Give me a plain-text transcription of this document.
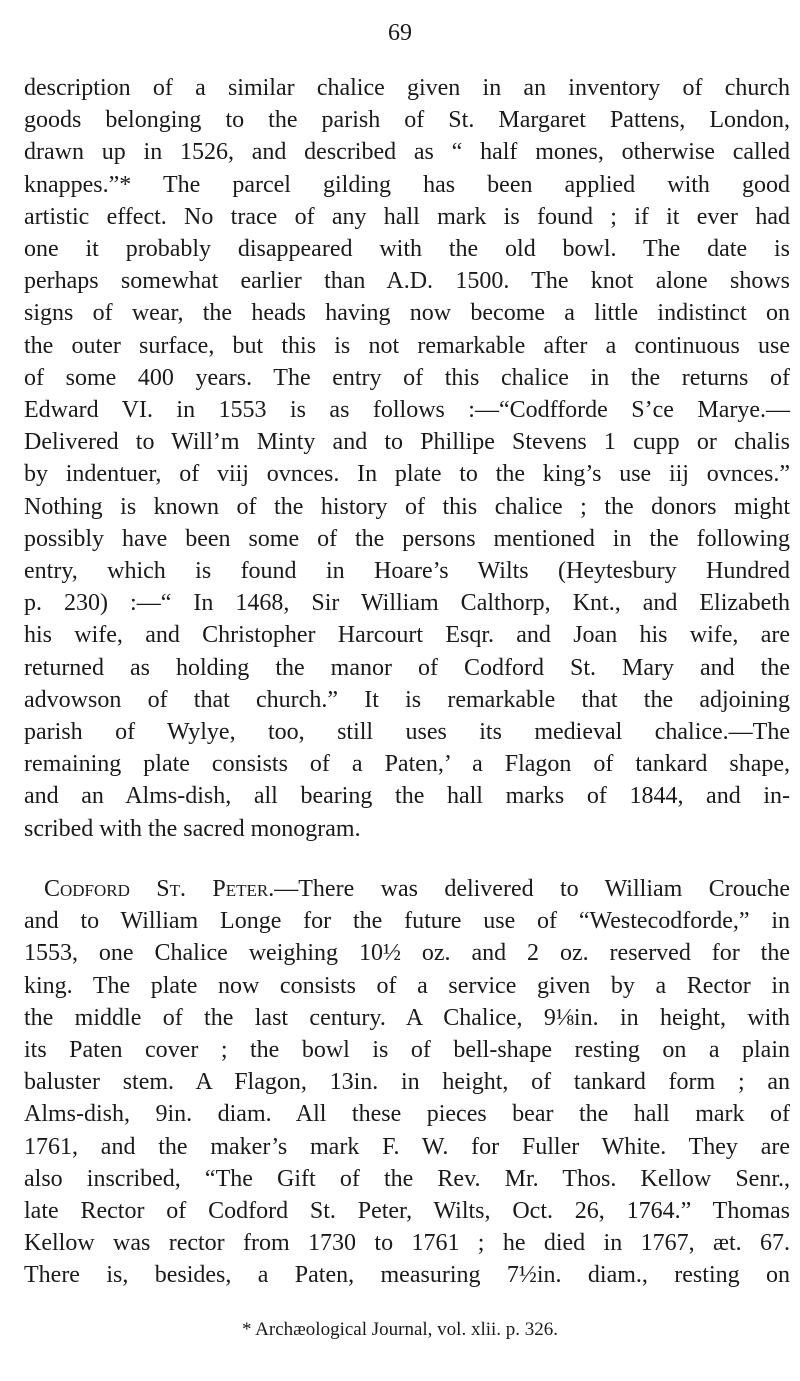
69
description of a similar chalice given in an inventory of church
goods belonging to the parish of St. Margaret Pattens, London,
drawn up in 1526, and described as “ half mones, otherwise called
knappes.”* The parcel gilding has been applied with good
artistic effect. No trace of any hall mark is found ; if it ever had
one it probably disappeared with the old bowl. The date is
perhaps somewhat earlier than A.D. 1500. The knot alone shows
signs of wear, the heads having now become a little indistinct on
the outer surface, but this is not remarkable after a continuous use
of some 400 years. The entry of this chalice in the returns of
Edward VI. in 1553 is as follows :—“Codfforde S’ce Marye.—
Delivered to Will’m Minty and to Phillipe Stevens 1 cupp or chalis
by indentuer, of viij ovnces. In plate to the king’s use iij ovnces.”
Nothing is known of the history of this chalice ; the donors might
possibly have been some of the persons mentioned in the following
entry, which is found in Hoare’s Wilts (Heytesbury Hundred
p. 230) :—“ In 1468, Sir William Calthorp, Knt., and Elizabeth
his wife, and Christopher Harcourt Esqr. and Joan his wife, are
returned as holding the manor of Codford St. Mary and the
advowson of that church.” It is remarkable that the adjoining
parish of Wylye, too, still uses its medieval chalice.—The
remaining plate consists of a Paten,’ a Flagon of tankard shape,
and an Alms-dish, all bearing the hall marks of 1844, and in-
scribed with the sacred monogram.
Codford St. Peter.—There was delivered to William Crouche
and to William Longe for the future use of “Westecodforde,” in
1553, one Chalice weighing 10½ oz. and 2 oz. reserved for the
king. The plate now consists of a service given by a Rector in
the middle of the last century. A Chalice, 9⅛in. in height, with
its Paten cover ; the bowl is of bell-shape resting on a plain
baluster stem. A Flagon, 13in. in height, of tankard form ; an
Alms-dish, 9in. diam. All these pieces bear the hall mark of
1761, and the maker’s mark F. W. for Fuller White. They are
also inscribed, “The Gift of the Rev. Mr. Thos. Kellow Senr.,
late Rector of Codford St. Peter, Wilts, Oct. 26, 1764.” Thomas
Kellow was rector from 1730 to 1761 ; he died in 1767, æt. 67.
There is, besides, a Paten, measuring 7½in. diam., resting on
* Archæological Journal, vol. xlii. p. 326.
